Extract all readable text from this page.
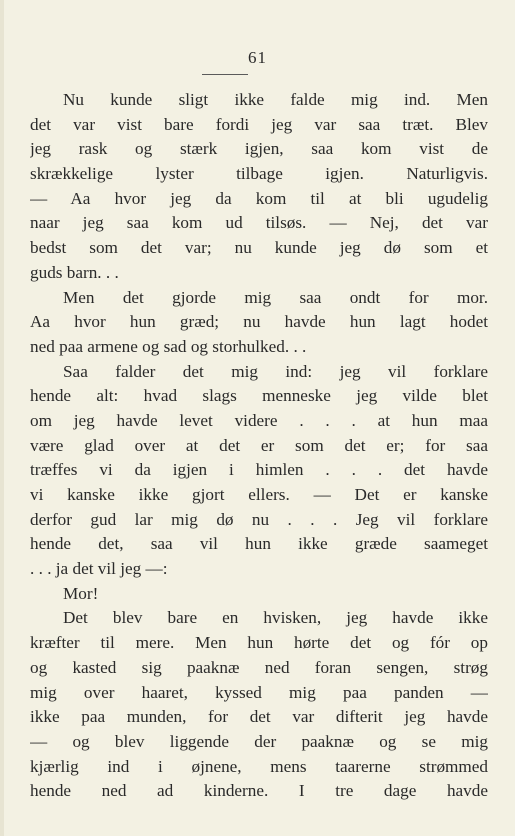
61
Nu kunde sligt ikke falde mig ind. Men
det var vist bare fordi jeg var saa træt. Blev
jeg rask og stærk igjen, saa kom vist de
skrækkelige lyster tilbage igjen. Naturligvis.
— Aa hvor jeg da kom til at bli ugudelig
naar jeg saa kom ud tilsøs. — Nej, det var
bedst som det var; nu kunde jeg dø som et
guds barn. . .
Men det gjorde mig saa ondt for mor.
Aa hvor hun græd; nu havde hun lagt hodet
ned paa armene og sad og storhulked. . .
Saa falder det mig ind: jeg vil forklare
hende alt: hvad slags menneske jeg vilde blet
om jeg havde levet videre . . . at hun maa
være glad over at det er som det er; for saa
træffes vi da igjen i himlen . . . det havde
vi kanske ikke gjort ellers. — Det er kanske
derfor gud lar mig dø nu . . . Jeg vil forklare
hende det, saa vil hun ikke græde saameget
. . . ja det vil jeg —:
Mor!
Det blev bare en hvisken, jeg havde ikke
kræfter til mere. Men hun hørte det og fór op
og kasted sig paaknæ ned foran sengen, strøg
mig over haaret, kyssed mig paa panden —
ikke paa munden, for det var difterit jeg havde
— og blev liggende der paaknæ og se mig
kjærlig ind i øjnene, mens taarerne strømmed
hende ned ad kinderne. I tre dage havde
